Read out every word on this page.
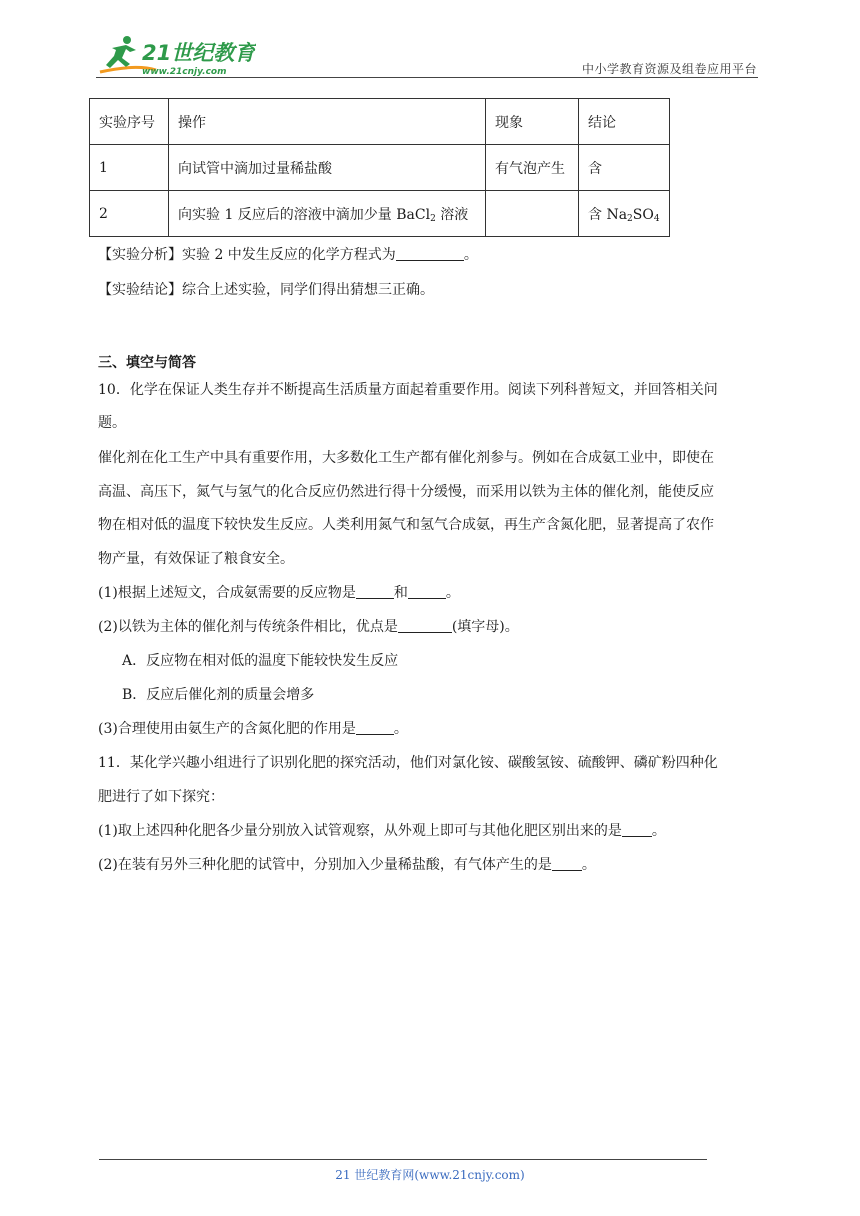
21世纪教育
www.21cnjy.com	中小学教育资源及组卷应用平台
实验序号	操作	现象	结论
1	向试管中滴加过量稀盐酸	有气泡产生	含
2	向实验 1 反应后的溶液中滴加少量 BaCl$_2$ 溶液		含 $Na_2SO_4$
【实验分析】实验 2 中发生反应的化学方程式为	。
【实验结论】综合上述实验，同学们得出猜想三正确。
三、填空与简答
10．化学在保证人类生存并不断提高生活质量方面起着重要作用。阅读下列科普短文，并回答相关问
题。
催化剂在化工生产中具有重要作用，大多数化工生产都有催化剂参与。例如在合成氨工业中，即使在
高温、高压下，氮气与氢气的化合反应仍然进行得十分缓慢，而采用以铁为主体的催化剂，能使反应
物在相对低的温度下较快发生反应。人类利用氮气和氢气合成氨，再生产含氮化肥，显著提高了农作
物产量，有效保证了粮食安全。
(1)根据上述短文，合成氨需要的反应物是	和	。
(2)以铁为主体的催化剂与传统条件相比，优点是	(填字母)。
A．反应物在相对低的温度下能较快发生反应
B．反应后催化剂的质量会增多
(3)合理使用由氨生产的含氮化肥的作用是	。
11．某化学兴趣小组进行了识别化肥的探究活动，他们对氯化铵、碳酸氢铵、硫酸钾、磷矿粉四种化
肥进行了如下探究：
(1)取上述四种化肥各少量分别放入试管观察，从外观上即可与其他化肥区别出来的是 。
(2)在装有另外三种化肥的试管中，分别加入少量稀盐酸，有气体产生的是 。
21 世纪教育网(www.21cnjy.com)
